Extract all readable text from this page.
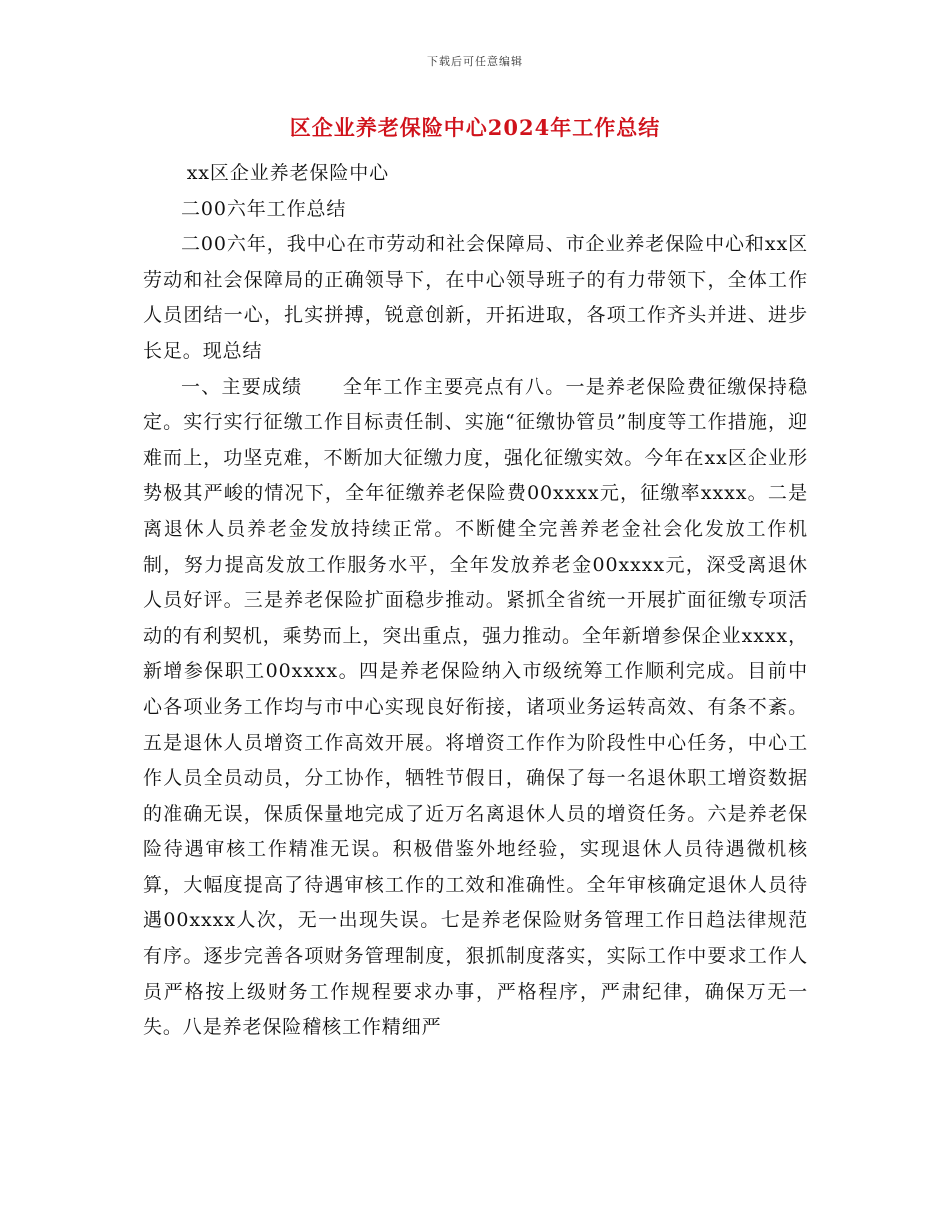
下载后可任意编辑
区企业养老保险中心2024年工作总结

xx区企业养老保险中心

二00六年工作总结

二00六年，我中心在市劳动和社会保障局、市企业养老保险中心和xx区劳动和社会保障局的正确领导下，在中心领导班子的有力带领下，全体工作人员团结一心，扎实拼搏，锐意创新，开拓进取，各项工作齐头并进、进步长足。现总结

一、主要成绩　　全年工作主要亮点有八。一是养老保险费征缴保持稳定。实行实行征缴工作目标责任制、实施“征缴协管员”制度等工作措施，迎难而上，功坚克难，不断加大征缴力度，强化征缴实效。今年在xx区企业形势极其严峻的情况下，全年征缴养老保险费00xxxx元，征缴率xxxx。二是离退休人员养老金发放持续正常。不断健全完善养老金社会化发放工作机制，努力提高发放工作服务水平，全年发放养老金00xxxx元，深受离退休人员好评。三是养老保险扩面稳步推动。紧抓全省统一开展扩面征缴专项活动的有利契机，乘势而上，突出重点，强力推动。全年新增参保企业xxxx，新增参保职工00xxxx。四是养老保险纳入市级统筹工作顺利完成。目前中心各项业务工作均与市中心实现良好衔接，诸项业务运转高效、有条不紊。五是退休人员增资工作高效开展。将增资工作作为阶段性中心任务，中心工作人员全员动员，分工协作，牺牲节假日，确保了每一名退休职工增资数据的准确无误，保质保量地完成了近万名离退休人员的增资任务。六是养老保险待遇审核工作精准无误。积极借鉴外地经验，实现退休人员待遇微机核算，大幅度提高了待遇审核工作的工效和准确性。全年审核确定退休人员待遇00xxxx人次，无一出现失误。七是养老保险财务管理工作日趋法律规范有序。逐步完善各项财务管理制度，狠抓制度落实，实际工作中要求工作人员严格按上级财务工作规程要求办事，严格程序，严肃纪律，确保万无一失。八是养老保险稽核工作精细严
